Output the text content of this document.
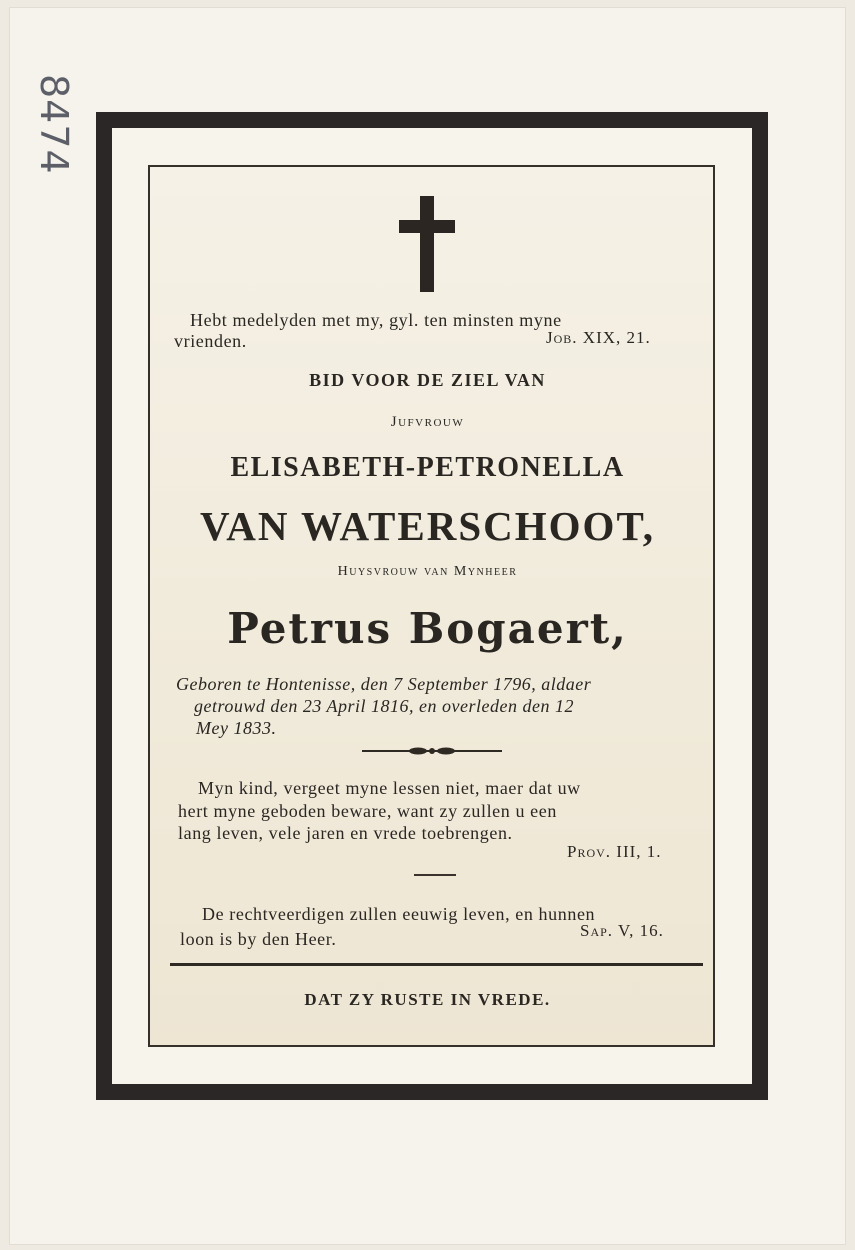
8474
Hebt medelyden met my, gyl. ten minsten myne
vrienden.	Job. XIX, 21.
BID VOOR DE ZIEL VAN
Jufvrouw
ELISABETH-PETRONELLA
VAN WATERSCHOOT,
Huysvrouw van Mynheer
Petrus Bogaert,
Geboren te Hontenisse, den 7 September 1796, aldaer
getrouwd den 23 April 1816, en overleden den 12
Mey 1833.
Myn kind, vergeet myne lessen niet, maer dat uw
hert myne geboden beware, want zy zullen u een
lang leven, vele jaren en vrede toebrengen.
Prov. III, 1.
De rechtveerdigen zullen eeuwig leven, en hunnen
loon is by den Heer.	Sap. V, 16.
DAT ZY RUSTE IN VREDE.
